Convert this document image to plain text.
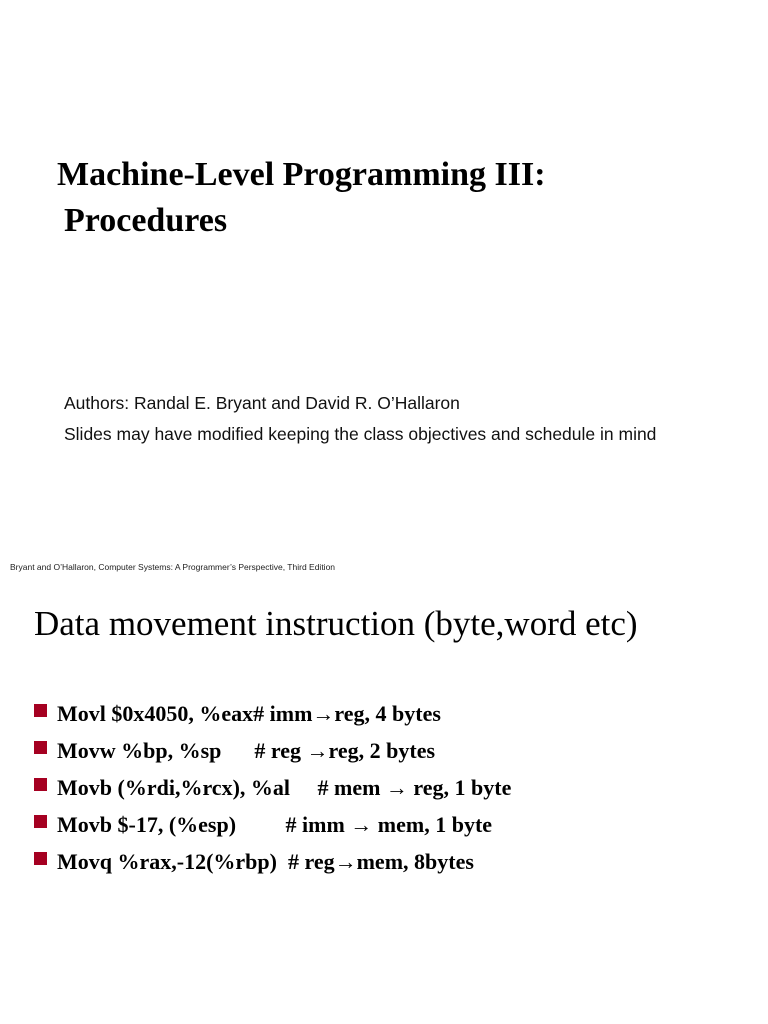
Machine-Level Programming III:
Procedures
Authors: Randal E. Bryant and David R. O’Hallaron
Slides may have modified keeping the class objectives and schedule in mind
Bryant and O’Hallaron, Computer Systems: A Programmer’s Perspective, Third Edition
Data movement instruction (byte,word etc)
Movl $0x4050, %eax# imm→reg, 4 bytes
Movw %bp, %sp      # reg →reg, 2 bytes
Movb (%rdi,%rcx), %al     # mem → reg, 1 byte
Movb $-17, (%esp)         # imm → mem, 1 byte
Movq %rax,-12(%rbp)  # reg→mem, 8bytes
